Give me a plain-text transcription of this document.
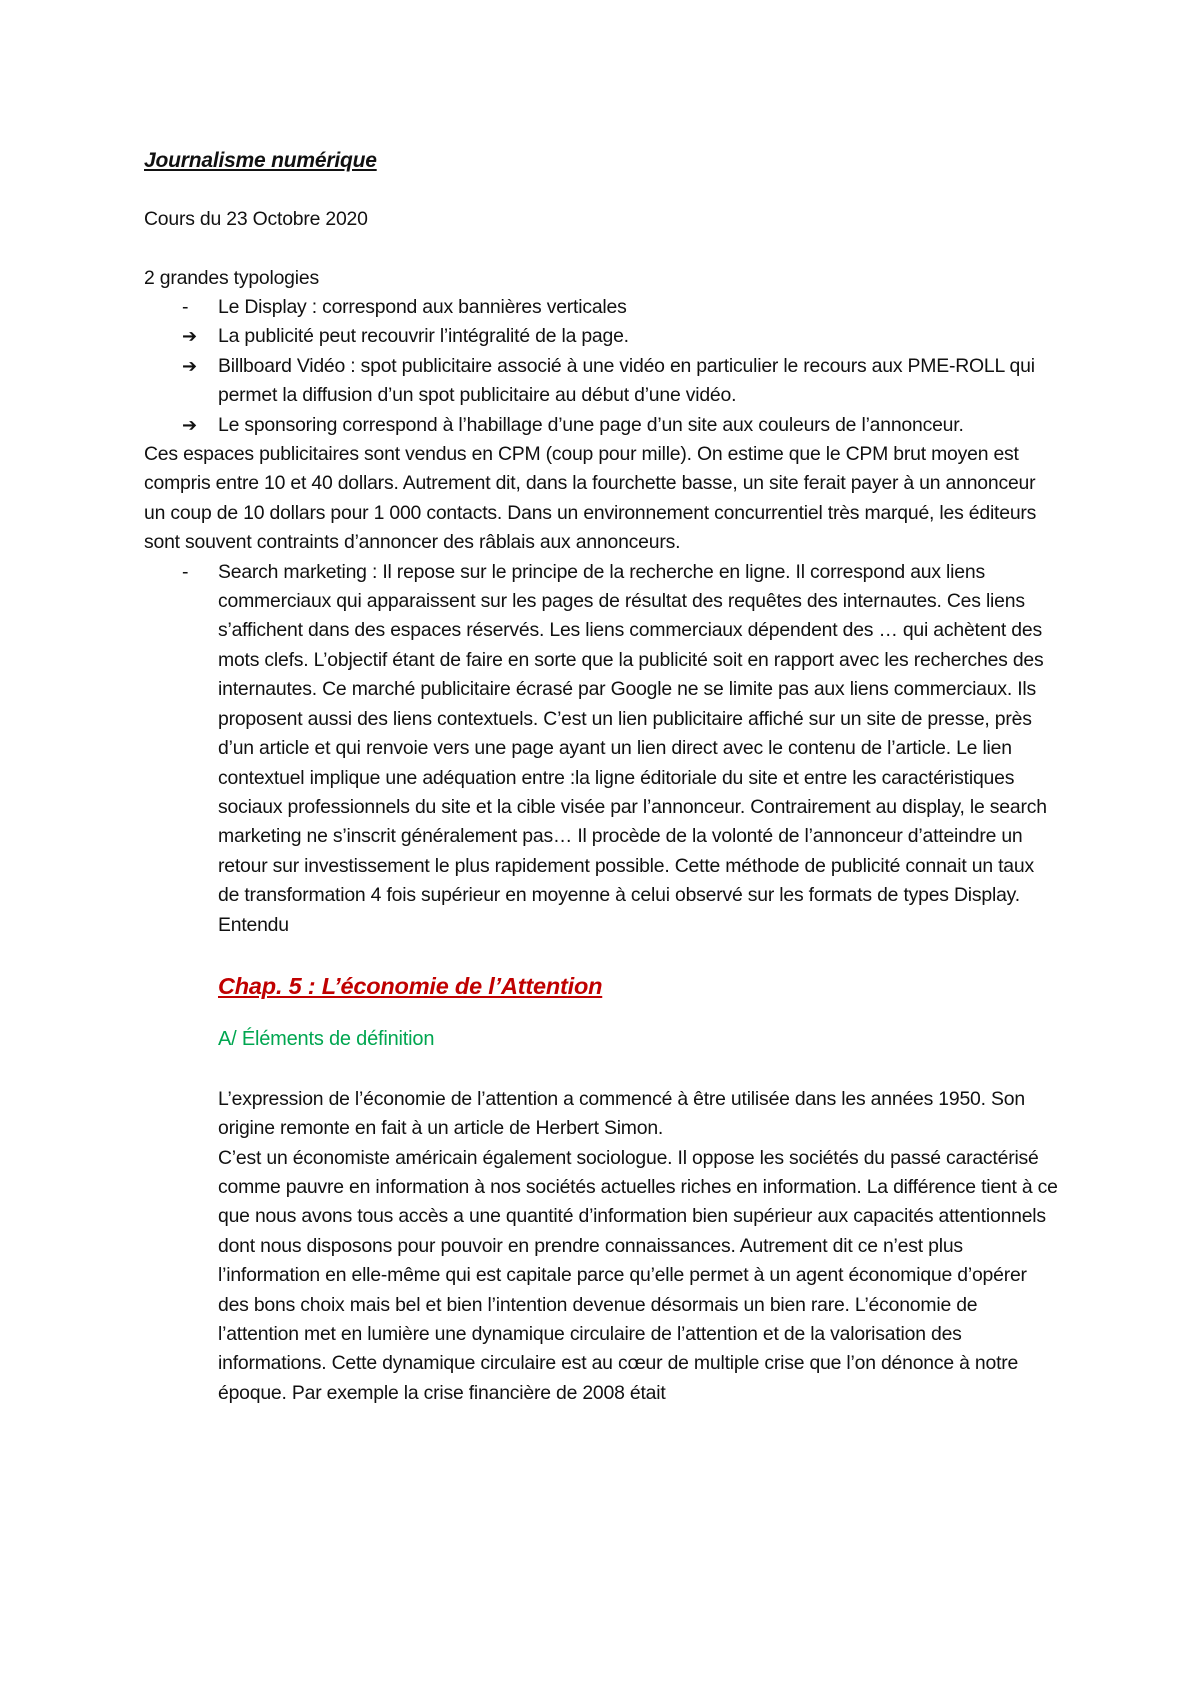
Journalisme numérique

Cours du 23 Octobre 2020

2 grandes typologies

-	Le Display : correspond aux bannières verticales
➔	La publicité peut recouvrir l’intégralité de la page.
➔	Billboard Vidéo : spot publicitaire associé à une vidéo en particulier le recours aux PME-ROLL qui permet la diffusion d’un spot publicitaire au début d’une vidéo.
➔	Le sponsoring correspond à l’habillage d’une page d’un site aux couleurs de l’annonceur.

Ces espaces publicitaires sont vendus en CPM (coup pour mille). On estime que le CPM brut moyen est compris entre 10 et 40 dollars. Autrement dit, dans la fourchette basse, un site ferait payer à un annonceur un coup de 10 dollars pour 1 000 contacts. Dans un environnement concurrentiel très marqué, les éditeurs sont souvent contraints d’annoncer des râblais aux annonceurs.

-	Search marketing : Il repose sur le principe de la recherche en ligne. Il correspond aux liens commerciaux qui apparaissent sur les pages de résultat des requêtes des internautes. Ces liens s’affichent dans des espaces réservés. Les liens commerciaux dépendent des … qui achètent des mots clefs. L’objectif étant de faire en sorte que la publicité soit en rapport avec les recherches des internautes. Ce marché publicitaire écrasé par Google ne se limite pas aux liens commerciaux. Ils proposent aussi des liens contextuels. C’est un lien publicitaire affiché sur un site de presse, près d’un article et qui renvoie vers une page ayant un lien direct avec le contenu de l’article. Le lien contextuel implique une adéquation entre :la ligne éditoriale du site et entre les caractéristiques sociaux professionnels du site et la cible visée par l’annonceur. Contrairement au display, le search marketing ne s’inscrit généralement pas… Il procède de la volonté de l’annonceur d’atteindre un retour sur investissement le plus rapidement possible. Cette méthode de publicité connait un taux de transformation 4 fois supérieur en moyenne à celui observé sur les formats de types Display. Entendu

Chap. 5 : L’économie de l’Attention

A/ Éléments de définition

L’expression de l’économie de l’attention a commencé à être utilisée dans les années 1950. Son origine remonte en fait à un article de Herbert Simon.

C’est un économiste américain également sociologue. Il oppose les sociétés du passé caractérisé comme pauvre en information à nos sociétés actuelles riches en information. La différence tient à ce que nous avons tous accès a une quantité d’information bien supérieur aux capacités attentionnels dont nous disposons pour pouvoir en prendre connaissances. Autrement dit ce n’est plus l’information en elle-même qui est capitale parce qu’elle permet à un agent économique d’opérer des bons choix mais bel et bien l’intention devenue désormais un bien rare. L’économie de l’attention met en lumière une dynamique circulaire de l’attention et de la valorisation des informations. Cette dynamique circulaire est au cœur de multiple crise que l’on dénonce à notre époque. Par exemple la crise financière de 2008 était
